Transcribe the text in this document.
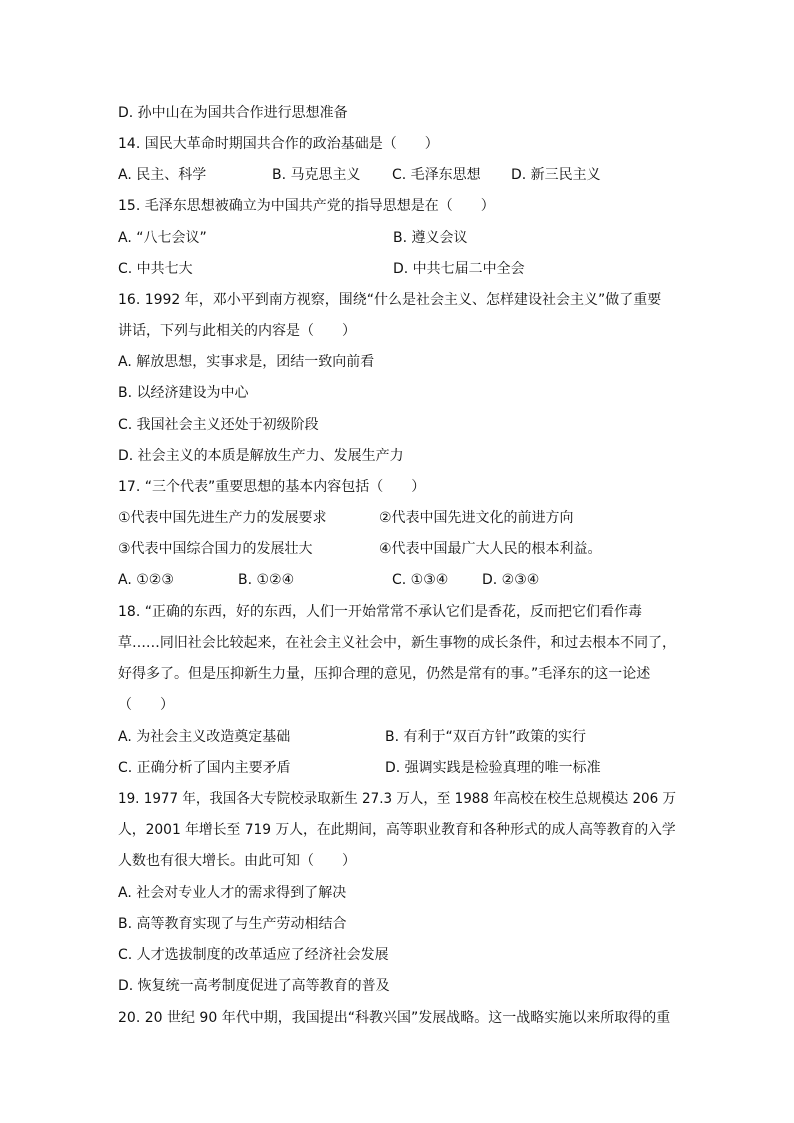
D. 孙中山在为国共合作进行思想准备
14. 国民大革命时期国共合作的政治基础是（　　）
A. 民主、科学	B. 马克思主义 C. 毛泽东思想 D. 新三民主义
15. 毛泽东思想被确立为中国共产党的指导思想是在（　　）
A. “八七会议”	B. 遵义会议
C. 中共七大	D. 中共七届二中全会
16. 1992 年，邓小平到南方视察，围绕“什么是社会主义、怎样建设社会主义”做了重要
讲话，下列与此相关的内容是（　　）
A. 解放思想，实事求是，团结一致向前看
B. 以经济建设为中心
C. 我国社会主义还处于初级阶段
D. 社会主义的本质是解放生产力、发展生产力
17. “三个代表”重要思想的基本内容包括（　　）
①代表中国先进生产力的发展要求	②代表中国先进文化的前进方向
③代表中国综合国力的发展壮大	④代表中国最广大人民的根本利益。
A. ①②③	B. ①②④	C. ①③④ D. ②③④
18. “正确的东西，好的东西，人们一开始常常不承认它们是香花，反而把它们看作毒
草……同旧社会比较起来，在社会主义社会中，新生事物的成长条件，和过去根本不同了，
好得多了。但是压抑新生力量，压抑合理的意见，仍然是常有的事。”毛泽东的这一论述
（　　）
A. 为社会主义改造奠定基础	B. 有利于“双百方针”政策的实行
C. 正确分析了国内主要矛盾	D. 强调实践是检验真理的唯一标准
19. 1977 年，我国各大专院校录取新生 27.3 万人，至 1988 年高校在校生总规模达 206 万
人，2001 年增长至 719 万人，在此期间，高等职业教育和各种形式的成人高等教育的入学
人数也有很大增长。由此可知（　　）
A. 社会对专业人才的需求得到了解决
B. 高等教育实现了与生产劳动相结合
C. 人才选拔制度的改革适应了经济社会发展
D. 恢复统一高考制度促进了高等教育的普及
20. 20 世纪 90 年代中期，我国提出“科教兴国”发展战略。这一战略实施以来所取得的重
